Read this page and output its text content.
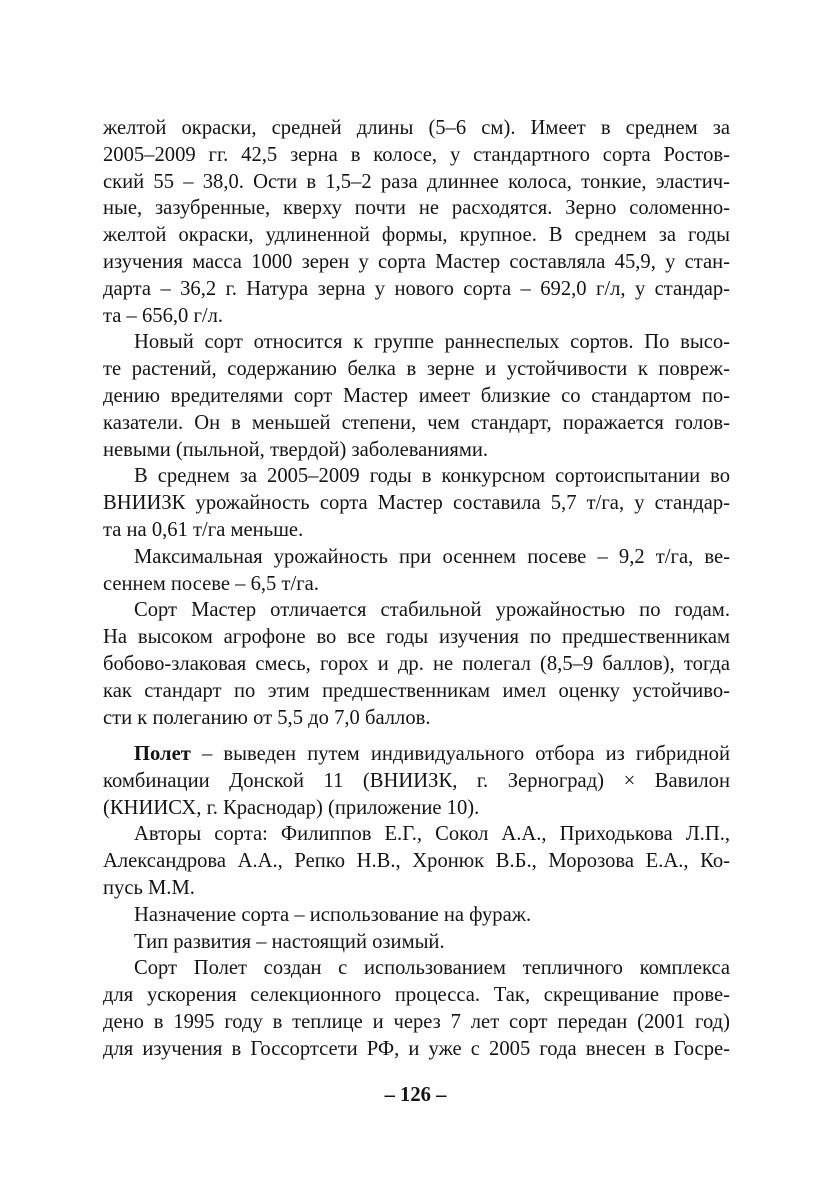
желтой окраски, средней длины (5–6 см). Имеет в среднем за
2005–2009 гг. 42,5 зерна в колосе, у стандартного сорта Ростов-
ский 55 – 38,0. Ости в 1,5–2 раза длиннее колоса, тонкие, эластич-
ные, зазубренные, кверху почти не расходятся. Зерно соломенно-
желтой окраски, удлиненной формы, крупное. В среднем за годы
изучения масса 1000 зерен у сорта Мастер составляла 45,9, у стан-
дарта – 36,2 г. Натура зерна у нового сорта – 692,0 г/л, у стандар-
та – 656,0 г/л.
Новый сорт относится к группе раннеспелых сортов. По высо-
те растений, содержанию белка в зерне и устойчивости к повреж-
дению вредителями сорт Мастер имеет близкие со стандартом по-
казатели. Он в меньшей степени, чем стандарт, поражается голов-
невыми (пыльной, твердой) заболеваниями.
В среднем за 2005–2009 годы в конкурсном сортоиспытании во
ВНИИЗК урожайность сорта Мастер составила 5,7 т/га, у стандар-
та на 0,61 т/га меньше.
Максимальная урожайность при осеннем посеве – 9,2 т/га, ве-
сеннем посеве – 6,5 т/га.
Сорт Мастер отличается стабильной урожайностью по годам.
На высоком агрофоне во все годы изучения по предшественникам
бобово-злаковая смесь, горох и др. не полегал (8,5–9 баллов), тогда
как стандарт по этим предшественникам имел оценку устойчиво-
сти к полеганию от 5,5 до 7,0 баллов.
Полет – выведен путем индивидуального отбора из гибридной
комбинации Донской 11 (ВНИИЗК, г. Зерноград) × Вавилон
(КНИИСХ, г. Краснодар) (приложение 10).
Авторы сорта: Филиппов Е.Г., Сокол А.А., Приходькова Л.П.,
Александрова А.А., Репко Н.В., Хронюк В.Б., Морозова Е.А., Ко-
пусь М.М.
Назначение сорта – использование на фураж.
Тип развития – настоящий озимый.
Сорт Полет создан с использованием тепличного комплекса
для ускорения селекционного процесса. Так, скрещивание прове-
дено в 1995 году в теплице и через 7 лет сорт передан (2001 год)
для изучения в Госсортсети РФ, и уже с 2005 года внесен в Госре-
– 126 –
